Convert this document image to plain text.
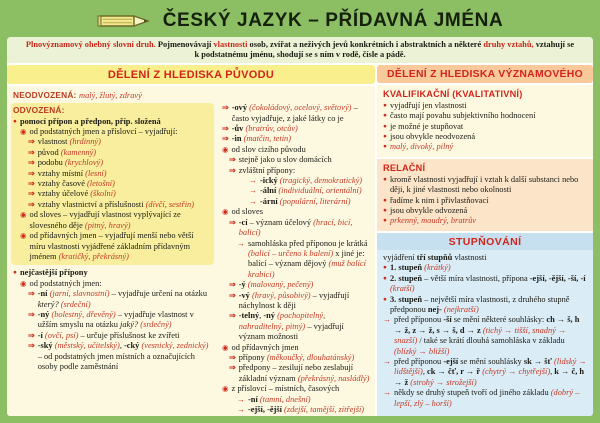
ČESKÝ JAZYK – PŘÍDAVNÁ JMÉNA
Plnovýznamový ohebný slovní druh. Pojmenovávají vlastnosti osob, zvířat a neživých jevů konkrétních i abstraktních a některé druhy vztahů, vztahují se k podstatnému jménu, shodují se s ním v rodě, čísle a pádě.
DĚLENÍ Z HLEDISKA PŮVODU
NEODVOZENÁ: malý, žlutý, zdravý
ODVOZENÁ:
● pomocí přípon a předpon, příp. složená
◉ od podstatných jmen a příslovcí – vyjadřují:
⇒ vlastnost (hrdinný)
⇒ původ (kamenný)
⇒ podobu (krychlový)
⇒ vztahy místní (lesní)
⇒ vztahy časové (letošní)
⇒ vztahy účelové (školní)
⇒ vztahy vlastnictví a příslušnosti (dívčí, sestřin)
◉ od sloves – vyjadřují vlastnost vyplývající ze slovesného děje (pitný, hravý)
◉ od přídavných jmen – vyjadřují menší nebo větší míru vlastnosti vyjádřené základním přídavným jménem (kratičký, překrásný)
● nejčastější přípony
◉ od podstatných jmen:
⇒ -ní (jarní, slavnostní) – vyjadřuje určení na otázku který? (srdeční)
⇒ -ný (bolestný, dřevěný) – vyjadřuje vlastnost v užším smyslu na otázku jaký? (srdečný)
⇒ -í (ovčí, psí) – určuje příslušnost ke zvířeti
⇒ -ský (městský, učitelský), -cký (vesnický, zednický) – od podstatných jmen místních a označujících osoby podle zaměstnání
⇒ -ový (čokoládový, ocelový, světový) – často vyjadřuje, z jaké látky co je
⇒ -ův (bratrův, otcův)
⇒ -in (matčin, tetin)
◉ od slov cizího původu
⇒ stejně jako u slov domácích
⇒ zvláštní přípony:
→ -ický (tragický, demokratický)
→ -ální (individuální, orientální)
→ -ární (populární, literární)
◉ od sloves
⇒ -cí – význam účelový (hrací, bicí, balicí)
→ samohláska před příponou je krátká (balicí – určeno k balení) x jiné je: balící – význam dějový (muž balící krabici)
⇒ -ý (malovaný, pečený)
⇒ -vý (hravý, působivý) – vyjadřují náchylnost k ději
⇒ -telný, -ný (pochopitelný, nahraditelný, pitný) – vyjadřují význam možnosti
◉ od přídavných jmen
⇒ přípony (měkoučký, dlouhatánský)
⇒ předpony – zesilují nebo zeslabují základní význam (překrásný, nasládlý)
◉ z příslovcí – místních, časových
→ -ní (tamní, dnešní)
→ -ejší, -ější (zdejší, tamější, zítřejší)
DĚLENÍ Z HLEDISKA VÝZNAMOVÉHO
KVALIFIKAČNÍ (KVALITATIVNÍ)
● vyjadřují jen vlastnosti
● často mají povahu subjektivního hodnocení
● je možné je stupňovat
● jsou obvykle neodvozená
● malý, divoký, pilný
RELAČNÍ
● kromě vlastnosti vyjadřují i vztah k další substanci nebo ději, k jiné vlastnosti nebo okolnosti
● řadíme k nim i přivlastňovací
● jsou obvykle odvozená
● prkenný, moudrý, bratrův
STUPŇOVÁNÍ
vyjádření tří stupňů vlastnosti
● 1. stupeň (krátký)
● 2. stupeň – větší míra vlastnosti, přípona -ejší, -ější, -ší, -í (kratší)
● 3. stupeň – největší míra vlastnosti, z druhého stupně předponou nej- (nejkratší)
→ před příponou -ší se mění některé souhlásky: ch → š, h → ž, z → ž, s → š, d → z (tichý → tišší, snadný → snazší) / také se krátí dlouhá samohláska v základu (blízký → bližší)
→ před příponou -ejší se mění souhlásky sk → šť (lidský → lidštější), ck → čť, r → ř (chytrý → chytřejší), k → č, h → ž (strohý → strožejší)
→ někdy se druhý stupeň tvoří od jiného základu (dobrý – lepší, zlý – horší)
